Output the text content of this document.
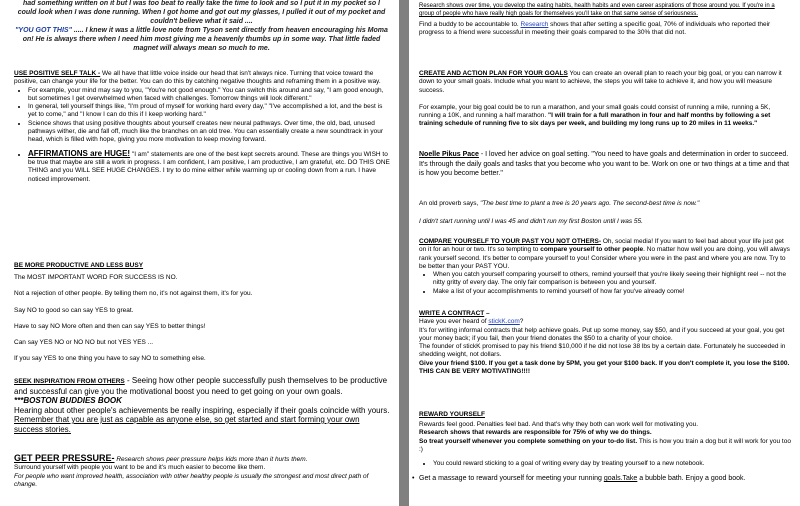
had something written on it but I was too beat to really take the time to look and so I put it in my pocket so I could look when I was done running. When I got home and got out my glasses, I pulled it out of my pocket and couldn't believe what it said ....

"YOU GOT THIS" ..... I knew it was a little love note from Tyson sent directly from heaven encouraging his Moma on! He is always there when I need him most giving me a heavenly thumbs up in some way. That little faded magnet will always mean so much to me.

USE POSITIVE SELF TALK - We all have that little voice inside our head that isn't always nice. Turning that voice toward the positive, can change your life for the better. You can do this by catching negative thoughts and reframing them in a positive way.

• For example, your mind may say to you, "You're not good enough." You can switch this around and say, "I am good enough, but sometimes I get overwhelmed when faced with challenges. Tomorrow things will look different."
• In general, tell yourself things like, "I'm proud of myself for working hard every day," "I've accomplished a lot, and the best is yet to come," and "I know I can do this if I keep working hard."
• Science shows that using positive thoughts about yourself creates new neural pathways. Over time, the old, bad, unused pathways wither, die and fall off, much like the branches on an old tree. You can essentially create a new soundtrack in your head, which is filled with hope, giving you more motivation to keep moving forward.
• AFFIRMATIONS are HUGE! "I am" statements are one of the best kept secrets around. These are things you WISH to be true that maybe are still a work in progress. I am confident, I am positive, I am productive, I am grateful, etc. DO THIS ONE THING and you WILL SEE HUGE CHANGES. I try to do mine either while warming up or cooling down from a run. I have noticed improvement.

BE MORE PRODUCTIVE AND LESS BUSY

The MOST IMPORTANT WORD FOR SUCCESS IS NO.

Not a rejection of other people. By telling them no, it's not against them, it's for you.

Say NO to good so can say YES to great.

Have to say NO More often and then can say YES to better things!

Can say YES NO or NO NO but not YES YES ...

If you say YES to one thing you have to say NO to something else.

SEEK INSPIRATION FROM OTHERS - Seeing how other people successfully push themselves to be productive and successful can give you the motivational boost you need to get going on your own goals.

***BOSTON BUDDIES BOOK

Hearing about other people's achievements be really inspiring, especially if their goals coincide with yours. Remember that you are just as capable as anyone else, so get started and start forming your own success stories.

GET PEER PRESSURE- Research shows peer pressure helps kids more than it hurts them.

Surround yourself with people you want to be and it's much easier to become like them.

For people who want improved health, association with other healthy people is usually the strongest and most direct path of change.

Research shows over time, you develop the eating habits, health habits and even career aspirations of those around you. If you're in a group of people who have really high goals for themselves you'll take on that same sense of seriousness.

Find a buddy to be accountable to. Research shows that after setting a specific goal, 70% of individuals who reported their progress to a friend were successful in meeting their goals compared to the 30% that did not.

CREATE AND ACTION PLAN FOR YOUR GOALS You can create an overall plan to reach your big goal, or you can narrow it down to your small goals. Include what you want to achieve, the steps you will take to achieve it, and how you will measure success.

For example, your big goal could be to run a marathon, and your small goals could consist of running a mile, running a 5K, running a 10K, and running a half marathon. "I will train for a full marathon in four and half months by following a set training schedule of running five to six days per week, and building my long runs up to 20 miles in 11 weeks."

Noelle Pikus Pace - I loved her advice on goal setting. "You need to have goals and determination in order to succeed. It's through the daily goals and tasks that you become who you want to be. Work on one or two things at a time and that is how you become better."

An old proverb says, "The best time to plant a tree is 20 years ago. The second-best time is now."

I didn't start running until I was 45 and didn't run my first Boston until I was 55.

COMPARE YOURSELF TO YOUR PAST YOU NOT OTHERS- Oh, social media! If you want to feel bad about your life just get on it for an hour or two. It's so tempting to compare yourself to other people. No matter how well you are doing, you will always rank yourself second. It's better to compare yourself to you! Consider where you were in the past and where you are now. Try to be better than your PAST YOU.

• When you catch yourself comparing yourself to others, remind yourself that you're likely seeing their highlight reel -- not the nitty gritty of every day. The only fair comparison is between you and yourself.
• Make a list of your accomplishments to remind yourself of how far you've already come!

WRITE A CONTRACT –

Have you ever heard of stickK.com?

It's for writing informal contracts that help achieve goals. Put up some money, say $50, and if you succeed at your goal, you get your money back; if you fail, then your friend donates the $50 to a charity of your choice.

The founder of stickK promised to pay his friend $10,000 if he did not lose 38 lbs by a certain date. Fortunately he succeeded in shedding weight, not dollars.

Give your friend $100. If you get a task done by 5PM, you get your $100 back. If you don't complete it, you lose the $100. THIS CAN BE VERY MOTIVATING!!!!

REWARD YOURSELF

Rewards feel good. Penalties feel bad. And that's why they both can work well for motivating you.

Research shows that rewards are responsible for 75% of why we do things.

So treat yourself whenever you complete something on your to-do list. This is how you train a dog but it will work for you too :)

• You could reward sticking to a goal of writing every day by treating yourself to a new notebook.

• Get a massage to reward yourself for meeting your running goals.Take a bubble bath. Enjoy a good book.
